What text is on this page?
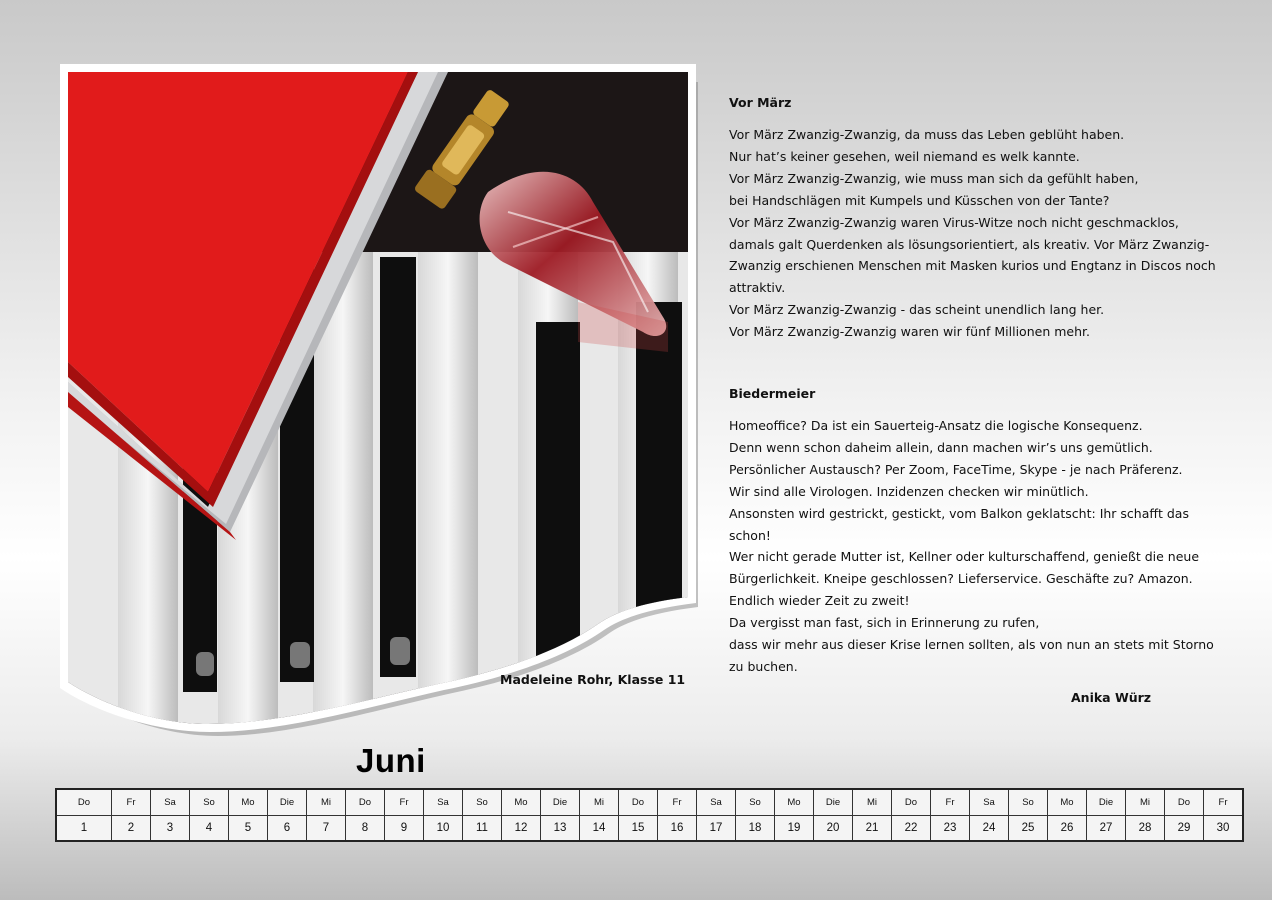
Madeleine Rohr, Klasse 11
Vor März
Vor März Zwanzig-Zwanzig, da muss das Leben geblüht haben.
Nur hat’s keiner gesehen, weil niemand es welk kannte.
Vor März Zwanzig-Zwanzig, wie muss man sich da gefühlt haben,
bei Handschlägen mit Kumpels und Küsschen von der Tante?
Vor März Zwanzig-Zwanzig waren Virus-Witze noch nicht geschmacklos,
damals galt Querdenken als lösungsorientiert, als kreativ. Vor März Zwanzig-
Zwanzig erschienen Menschen mit Masken kurios und Engtanz in Discos noch
attraktiv.
Vor März Zwanzig-Zwanzig - das scheint unendlich lang her.
Vor März Zwanzig-Zwanzig waren wir fünf Millionen mehr.
Biedermeier
Homeoffice? Da ist ein Sauerteig-Ansatz die logische Konsequenz.
Denn wenn schon daheim allein, dann machen wir’s uns gemütlich.
Persönlicher Austausch? Per Zoom, FaceTime, Skype - je nach Präferenz.
Wir sind alle Virologen. Inzidenzen checken wir minütlich.
Ansonsten wird gestrickt, gestickt, vom Balkon geklatscht: Ihr schafft das
schon!
Wer nicht gerade Mutter ist, Kellner oder kulturschaffend, genießt die neue
Bürgerlichkeit. Kneipe geschlossen? Lieferservice. Geschäfte zu? Amazon.
Endlich wieder Zeit zu zweit!
Da vergisst man fast, sich in Erinnerung zu rufen,
dass wir mehr aus dieser Krise lernen sollten, als von nun an stets mit Storno
zu buchen.
Anika Würz
Juni
Do	Fr	Sa	So	Mo	Die	Mi	Do	Fr	Sa	So	Mo	Die	Mi	Do	Fr	Sa	So	Mo	Die	Mi	Do	Fr	Sa	So	Mo	Die	Mi	Do	Fr
1	2	3	4	5	6	7	8	9	10	11	12	13	14	15	16	17	18	19	20	21	22	23	24	25	26	27	28	29	30
